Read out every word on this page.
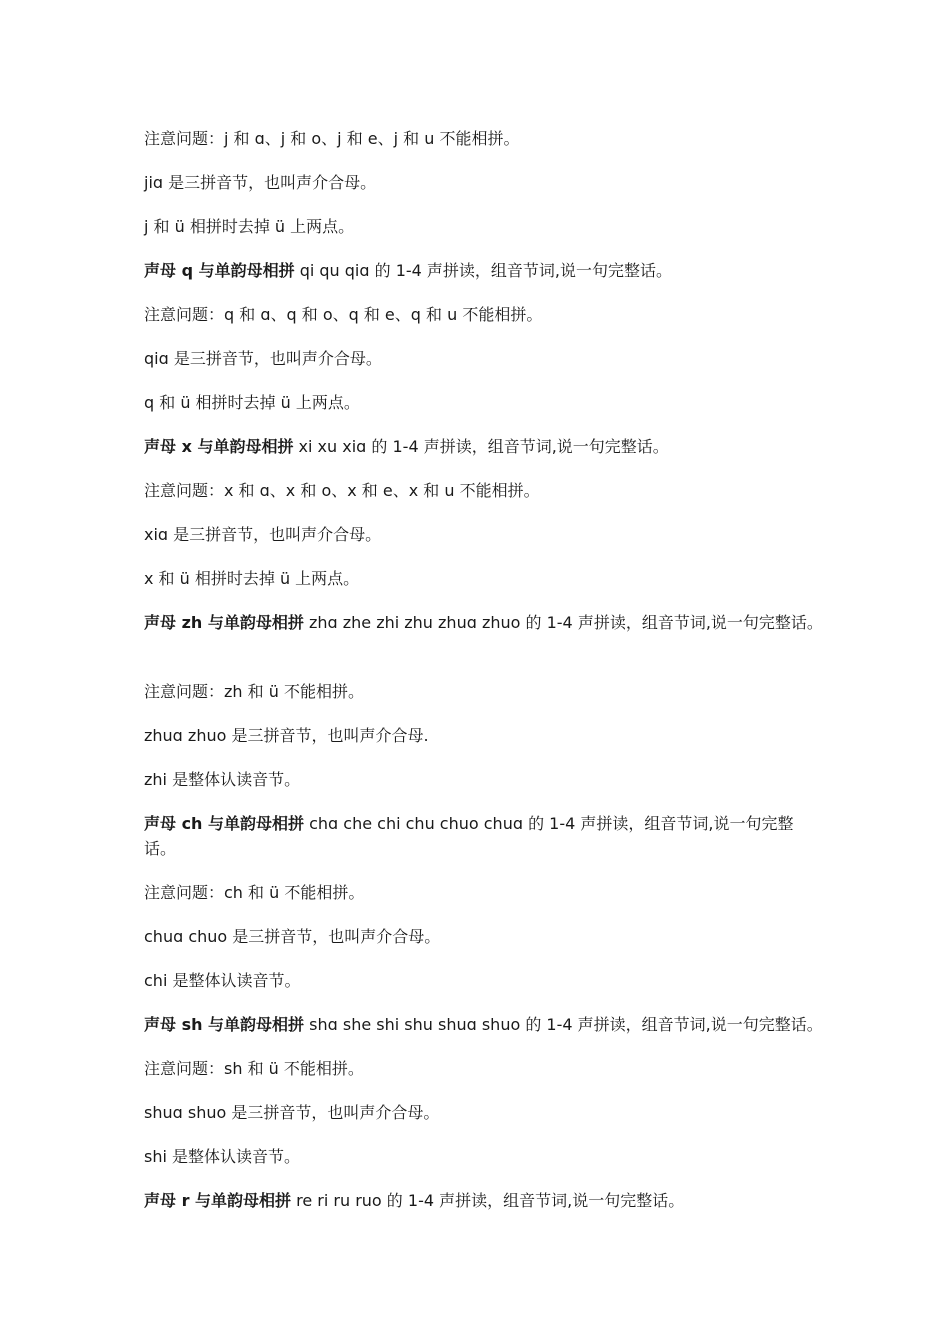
注意问题：j 和 ɑ、j 和 o、j 和 e、j 和 u 不能相拼。

jiɑ 是三拼音节，也叫声介合母。

j 和 ü 相拼时去掉 ü 上两点。

声母 q 与单韵母相拼 qi qu qiɑ 的 1-4 声拼读，组音节词,说一句完整话。

注意问题：q 和 ɑ、q 和 o、q 和 e、q 和 u 不能相拼。

qiɑ 是三拼音节，也叫声介合母。

q 和 ü 相拼时去掉 ü 上两点。

声母 x 与单韵母相拼 xi xu xiɑ 的 1-4 声拼读，组音节词,说一句完整话。

注意问题：x 和 ɑ、x 和 o、x 和 e、x 和 u 不能相拼。

xiɑ 是三拼音节，也叫声介合母。

x 和 ü 相拼时去掉 ü 上两点。

声母 zh 与单韵母相拼 zhɑ zhe zhi zhu zhuɑ zhuo 的 1-4 声拼读，组音节词,说一句完整话。

注意问题：zh 和 ü 不能相拼。

zhuɑ zhuo 是三拼音节，也叫声介合母.

zhi 是整体认读音节。

声母 ch 与单韵母相拼 chɑ che chi chu chuo chuɑ 的 1-4 声拼读，组音节词,说一句完整话。

注意问题：ch 和 ü 不能相拼。

chuɑ chuo 是三拼音节，也叫声介合母。

chi 是整体认读音节。

声母 sh 与单韵母相拼 shɑ she shi shu shuɑ shuo 的 1-4 声拼读，组音节词,说一句完整话。

注意问题：sh 和 ü 不能相拼。

shuɑ shuo 是三拼音节，也叫声介合母。

shi 是整体认读音节。

声母 r 与单韵母相拼 re ri ru ruo 的 1-4 声拼读，组音节词,说一句完整话。
